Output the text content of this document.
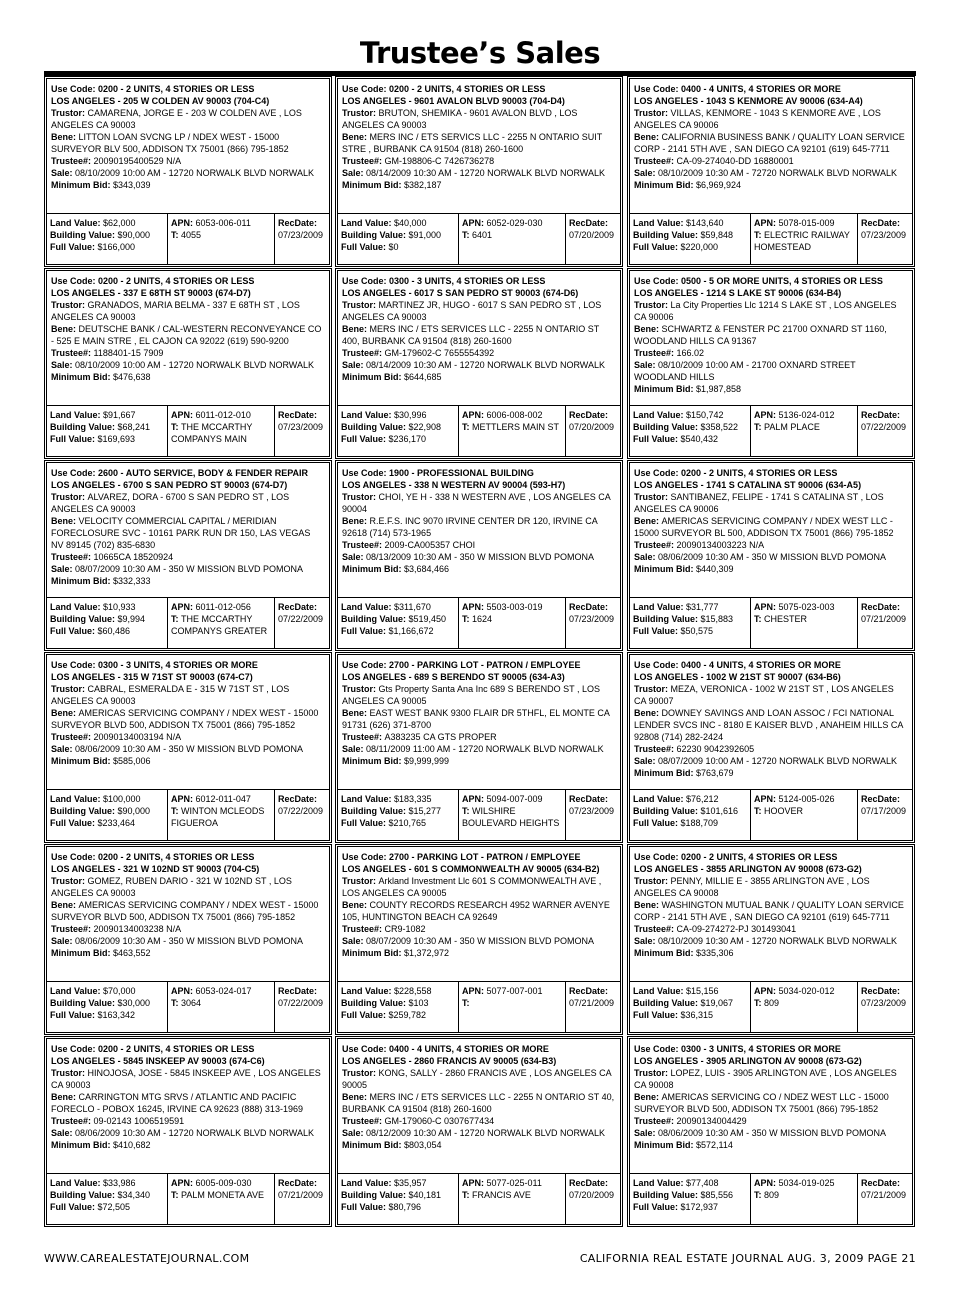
Trustee’s Sales
Use Code: 0200 - 2 UNITS, 4 STORIES OR LESS
LOS ANGELES - 205 W COLDEN AV 90003 (704-C4)
Trustor: CAMARENA, JORGE E - 203 W COLDEN AVE , LOS ANGELES CA 90003
Bene: LITTON LOAN SVCNG LP / NDEX WEST - 15000 SURVEYOR BLV 500, ADDISON TX 75001 (866) 795-1852
Trustee#: 20090195400529 N/A
Sale: 08/10/2009 10:00 AM - 12720 NORWALK BLVD NORWALK
Minimum Bid: $343,039
Land Value: $62,000
Building Value: $90,000
Full Value: $166,000
APN: 6053-006-011
T: 4055
RecDate:
07/23/2009
Use Code: 0200 - 2 UNITS, 4 STORIES OR LESS
LOS ANGELES - 9601 AVALON BLVD 90003 (704-D4)
Trustor: BRUTON, SHEMIKA - 9601 AVALON BLVD , LOS ANGELES CA 90003
Bene: MERS INC / ETS SERVICS LLC - 2255 N ONTARIO SUIT STRE , BURBANK CA 91504 (818) 260-1600
Trustee#: GM-198806-C 7426736278
Sale: 08/14/2009 10:30 AM - 12720 NORWALK BLVD NORWALK
Minimum Bid: $382,187
Land Value: $40,000
Building Value: $91,000
Full Value: $0
APN: 6052-029-030
T: 6401
RecDate:
07/20/2009
Use Code: 0400 - 4 UNITS, 4 STORIES OR MORE
LOS ANGELES - 1043 S KENMORE AV 90006 (634-A4)
Trustor: VILLAS, KENMORE - 1043 S KENMORE AVE , LOS ANGELES CA 90006
Bene: CALIFORNIA BUSINESS BANK / QUALITY LOAN SERVICE CORP - 2141 5TH AVE , SAN DIEGO CA 92101 (619) 645-7711
Trustee#: CA-09-274040-DD 16880001
Sale: 08/10/2009 10:30 AM - 72720 NORWALK BLVD NORWALK
Minimum Bid: $6,969,924
Land Value: $143,640
Building Value: $59,848
Full Value: $220,000
APN: 5078-015-009
T: ELECTRIC RAILWAY HOMESTEAD
RecDate:
07/23/2009
Use Code: 0200 - 2 UNITS, 4 STORIES OR LESS
LOS ANGELES - 337 E 68TH ST 90003 (674-D7)
Trustor: GRANADOS, MARIA BELMA - 337 E 68TH ST , LOS ANGELES CA 90003
Bene: DEUTSCHE BANK / CAL-WESTERN RECONVEYANCE CO - 525 E MAIN STRE , EL CAJON CA 92022 (619) 590-9200
Trustee#: 1188401-15 7909
Sale: 08/10/2009 10:00 AM - 12720 NORWALK BLVD NORWALK
Minimum Bid: $476,638
Land Value: $91,667
Building Value: $68,241
Full Value: $169,693
APN: 6011-012-010
T: THE MCCARTHY COMPANYS MAIN
RecDate:
07/23/2009
Use Code: 0300 - 3 UNITS, 4 STORIES OR LESS
LOS ANGELES - 6017 S SAN PEDRO ST 90003 (674-D6)
Trustor: MARTINEZ JR, HUGO - 6017 S SAN PEDRO ST , LOS ANGELES CA 90003
Bene: MERS INC / ETS SERVICES LLC - 2255 N ONTARIO ST 400, BURBANK CA 91504 (818) 260-1600
Trustee#: GM-179602-C 7655554392
Sale: 08/14/2009 10:30 AM - 12720 NORWALK BLVD NORWALK
Minimum Bid: $644,685
Land Value: $30,996
Building Value: $22,908
Full Value: $236,170
APN: 6006-008-002
T: METTLERS MAIN ST
RecDate:
07/20/2009
Use Code: 0500 - 5 OR MORE UNITS, 4 STORIES OR LESS
LOS ANGELES - 1214 S LAKE ST 90006 (634-B4)
Trustor: La City Properties Llc 1214 S LAKE ST , LOS ANGELES CA 90006
Bene: SCHWARTZ & FENSTER PC 21700 OXNARD ST 1160, WOODLAND HILLS CA 91367
Trustee#: 166.02
Sale: 08/10/2009 10:00 AM - 21700 OXNARD STREET WOODLAND HILLS
Minimum Bid: $1,987,858
Land Value: $150,742
Building Value: $358,522
Full Value: $540,432
APN: 5136-024-012
T: PALM PLACE
RecDate:
07/22/2009
Use Code: 2600 - AUTO SERVICE, BODY & FENDER REPAIR
LOS ANGELES - 6700 S SAN PEDRO ST 90003 (674-D7)
Trustor: ALVAREZ, DORA - 6700 S SAN PEDRO ST , LOS ANGELES CA 90003
Bene: VELOCITY COMMERCIAL CAPITAL / MERIDIAN FORECLOSURE SVC - 10161 PARK RUN DR 150, LAS VEGAS NV 89145 (702) 835-6830
Trustee#: 10665CA 18520924
Sale: 08/07/2009 10:30 AM - 350 W MISSION BLVD POMONA
Minimum Bid: $332,333
Land Value: $10,933
Building Value: $9,994
Full Value: $60,486
APN: 6011-012-056
T: THE MCCARTHY COMPANYS GREATER
RecDate:
07/22/2009
Use Code: 1900 - PROFESSIONAL BUILDING
LOS ANGELES - 338 N WESTERN AV 90004 (593-H7)
Trustor: CHOI, YE H - 338 N WESTERN AVE , LOS ANGELES CA 90004
Bene: R.E.F.S. INC 9070 IRVINE CENTER DR 120, IRVINE CA 92618 (714) 573-1965
Trustee#: 2009-CA005357 CHOI
Sale: 08/13/2009 10:30 AM - 350 W MISSION BLVD POMONA
Minimum Bid: $3,684,466
Land Value: $311,670
Building Value: $519,450
Full Value: $1,166,672
APN: 5503-003-019
T: 1624
RecDate:
07/23/2009
Use Code: 0200 - 2 UNITS, 4 STORIES OR LESS
LOS ANGELES - 1741 S CATALINA ST 90006 (634-A5)
Trustor: SANTIBANEZ, FELIPE - 1741 S CATALINA ST , LOS ANGELES CA 90006
Bene: AMERICAS SERVICING COMPANY / NDEX WEST LLC - 15000 SURVEYOR BL 500, ADDISON TX 75001 (866) 795-1852
Trustee#: 20090134003223 N/A
Sale: 08/06/2009 10:30 AM - 350 W MISSION BLVD POMONA
Minimum Bid: $440,309
Land Value: $31,777
Building Value: $15,883
Full Value: $50,575
APN: 5075-023-003
T: CHESTER
RecDate:
07/21/2009
Use Code: 0300 - 3 UNITS, 4 STORIES OR MORE
LOS ANGELES - 315 W 71ST ST 90003 (674-C7)
Trustor: CABRAL, ESMERALDA E - 315 W 71ST ST , LOS ANGELES CA 90003
Bene: AMERICAS SERVICING COMPANY / NDEX WEST - 15000 SURVEYOR BLVD 500, ADDISON TX 75001 (866) 795-1852
Trustee#: 20090134003194 N/A
Sale: 08/06/2009 10:30 AM - 350 W MISSION BLVD POMONA
Minimum Bid: $585,006
Land Value: $100,000
Building Value: $90,000
Full Value: $233,464
APN: 6012-011-047
T: WINTON MCLEODS FIGUEROA
RecDate:
07/22/2009
Use Code: 2700 - PARKING LOT - PATRON / EMPLOYEE
LOS ANGELES - 689 S BERENDO ST 90005 (634-A3)
Trustor: Gts Property Santa Ana Inc 689 S BERENDO ST , LOS ANGELES CA 90005
Bene: EAST WEST BANK 9300 FLAIR DR 5THFL, EL MONTE CA 91731 (626) 371-8700
Trustee#: A383235 CA GTS PROPER
Sale: 08/11/2009 11:00 AM - 12720 NORWALK BLVD NORWALK
Minimum Bid: $9,999,999
Land Value: $183,335
Building Value: $15,277
Full Value: $210,765
APN: 5094-007-009
T: WILSHIRE BOULEVARD HEIGHTS
RecDate:
07/23/2009
Use Code: 0400 - 4 UNITS, 4 STORIES OR MORE
LOS ANGELES - 1002 W 21ST ST 90007 (634-B6)
Trustor: MEZA, VERONICA - 1002 W 21ST ST , LOS ANGELES CA 90007
Bene: DOWNEY SAVINGS AND LOAN ASSOC / FCI NATIONAL LENDER SVCS INC - 8180 E KAISER BLVD , ANAHEIM HILLS CA 92808 (714) 282-2424
Trustee#: 62230 9042392605
Sale: 08/07/2009 10:00 AM - 12720 NORWALK BLVD NORWALK
Minimum Bid: $763,679
Land Value: $76,212
Building Value: $101,616
Full Value: $188,709
APN: 5124-005-026
T: HOOVER
RecDate:
07/17/2009
Use Code: 0200 - 2 UNITS, 4 STORIES OR LESS
LOS ANGELES - 321 W 102ND ST 90003 (704-C5)
Trustor: GOMEZ, RUBEN DARIO - 321 W 102ND ST , LOS ANGELES CA 90003
Bene: AMERICAS SERVICING COMPANY / NDEX WEST - 15000 SURVEYOR BLVD 500, ADDISON TX 75001 (866) 795-1852
Trustee#: 20090134003238 N/A
Sale: 08/06/2009 10:30 AM - 350 W MISSION BLVD POMONA
Minimum Bid: $463,552
Land Value: $70,000
Building Value: $30,000
Full Value: $163,342
APN: 6053-024-017
T: 3064
RecDate:
07/22/2009
Use Code: 2700 - PARKING LOT - PATRON / EMPLOYEE
LOS ANGELES - 601 S COMMONWEALTH AV 90005 (634-B2)
Trustor: Arkland Investment Llc 601 S COMMONWEALTH AVE , LOS ANGELES CA 90005
Bene: COUNTY RECORDS RESEARCH 4952 WARNER AVENYE 105, HUNTINGTON BEACH CA 92649
Trustee#: CR9-1082
Sale: 08/07/2009 10:30 AM - 350 W MISSION BLVD POMONA
Minimum Bid: $1,372,972
Land Value: $228,558
Building Value: $103
Full Value: $259,782
APN: 5077-007-001
T:
RecDate:
07/21/2009
Use Code: 0200 - 2 UNITS, 4 STORIES OR LESS
LOS ANGELES - 3855 ARLINGTON AV 90008 (673-G2)
Trustor: PENNY, MILLIE E - 3855 ARLINGTON AVE , LOS ANGELES CA 90008
Bene: WASHINGTON MUTUAL BANK / QUALITY LOAN SERVICE CORP - 2141 5TH AVE , SAN DIEGO CA 92101 (619) 645-7711
Trustee#: CA-09-274272-PJ 301493041
Sale: 08/10/2009 10:30 AM - 12720 NORWALK BLVD NORWALK
Minimum Bid: $335,306
Land Value: $15,156
Building Value: $19,067
Full Value: $36,315
APN: 5034-020-012
T: 809
RecDate:
07/23/2009
Use Code: 0200 - 2 UNITS, 4 STORIES OR LESS
LOS ANGELES - 5845 INSKEEP AV 90003 (674-C6)
Trustor: HINOJOSA, JOSE - 5845 INSKEEP AVE , LOS ANGELES CA 90003
Bene: CARRINGTON MTG SRVS / ATLANTIC AND PACIFIC FORECLO - POBOX 16245, IRVINE CA 92623 (888) 313-1969
Trustee#: 09-02143 1006519591
Sale: 08/06/2009 10:30 AM - 12720 NORWALK BLVD NORWALK
Minimum Bid: $410,682
Land Value: $33,986
Building Value: $34,340
Full Value: $72,505
APN: 6005-009-030
T: PALM MONETA AVE
RecDate:
07/21/2009
Use Code: 0400 - 4 UNITS, 4 STORIES OR MORE
LOS ANGELES - 2860 FRANCIS AV 90005 (634-B3)
Trustor: KONG, SALLY - 2860 FRANCIS AVE , LOS ANGELES CA 90005
Bene: MERS INC / ETS SERVICES LLC - 2255 N ONTARIO ST 40, BURBANK CA 91504 (818) 260-1600
Trustee#: GM-179060-C 0307677434
Sale: 08/12/2009 10:30 AM - 12720 NORWALK BLVD NORWALK
Minimum Bid: $803,054
Land Value: $35,957
Building Value: $40,181
Full Value: $80,796
APN: 5077-025-011
T: FRANCIS AVE
RecDate:
07/20/2009
Use Code: 0300 - 3 UNITS, 4 STORIES OR MORE
LOS ANGELES - 3905 ARLINGTON AV 90008 (673-G2)
Trustor: LOPEZ, LUIS - 3905 ARLINGTON AVE , LOS ANGELES CA 90008
Bene: AMERICAS SERVICING CO / NDEZ WEST LLC - 15000 SURVEYOR BLVD 500, ADDISON TX 75001 (866) 795-1852
Trustee#: 20090134004429
Sale: 08/06/2009 10:30 AM - 350 W MISSION BLVD POMONA
Minimum Bid: $572,114
Land Value: $77,408
Building Value: $85,556
Full Value: $172,937
APN: 5034-019-025
T: 809
RecDate:
07/21/2009
WWW.CAREALESTATEJOURNAL.COM	CALIFORNIA REAL ESTATE JOURNAL AUG. 3, 2009 PAGE 21
